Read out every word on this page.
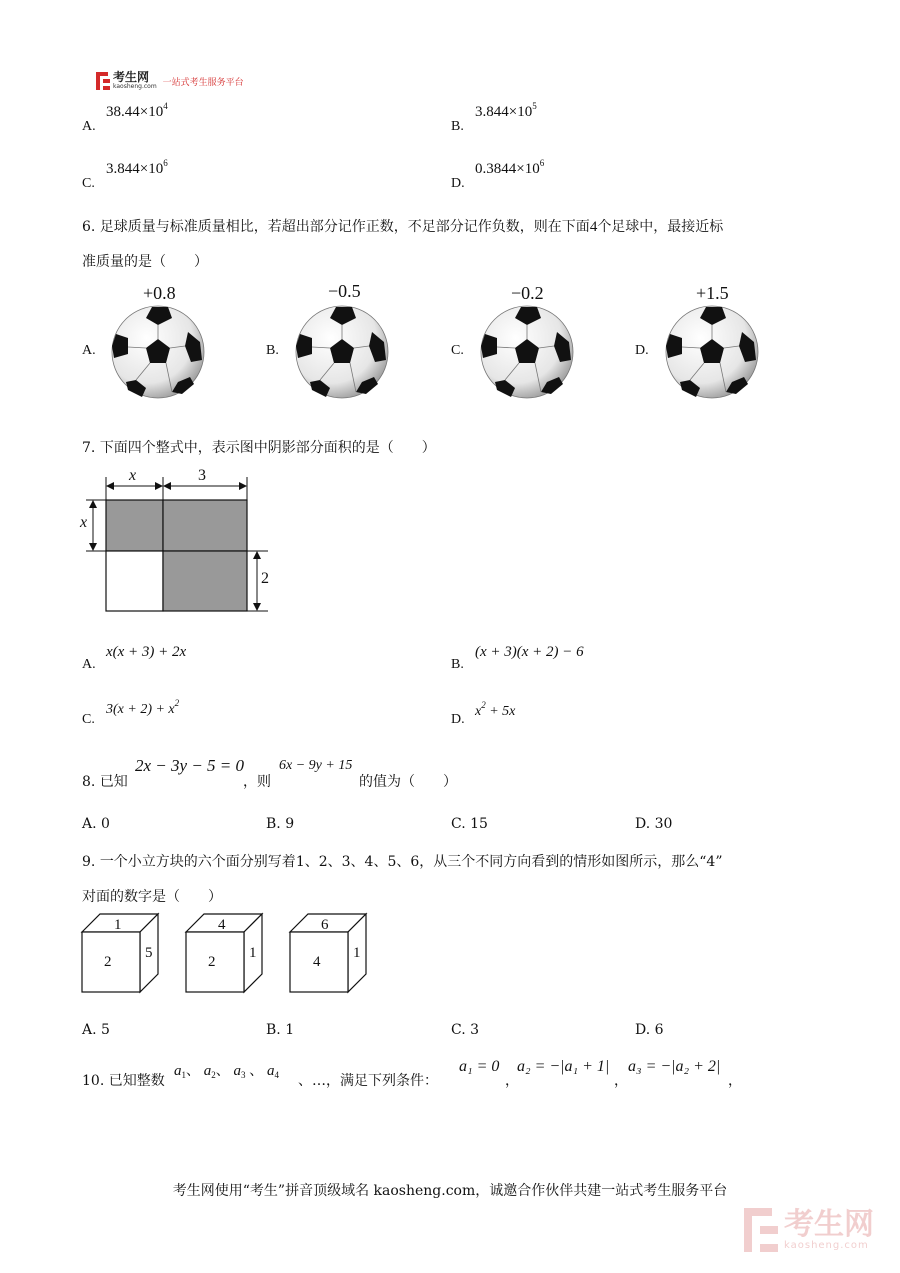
考生网
kaosheng.com 一站式考生服务平台
A.
$38.44\times 10^4$
B.
$3.844\times 10^5$
C.
$3.844\times 10^6$
D.
$0.3844\times 10^6$
6. 足球质量与标准质量相比，若超出部分记作正数，不足部分记作负数，则在下面4个足球中，最接近标
准质量的是（　　）
+0.8	−0.5	−0.2	+1.5
A.	B.	C.	D.
7. 下面四个整式中，表示图中阴影部分面积的是（　　）
x	3
x
2
A.
x(x + 3) + 2x
B.
(x + 3)(x + 2) − 6
C.
$3(x + 2) + x^2$
D.
$x^2 + 5x$
8. 已知
2x − 3y − 5 = 0
，则
6x − 9y + 15
的值为（　　）
A. 0	B. 9	C. 15	D. 30
9. 一个小立方块的六个面分别写着1、2、3、4、5、6，从三个不同方向看到的情形如图所示，那么“4”
对面的数字是（　　）
1
2
5
4
2
1
6
4
1
A. 5	B. 1	C. 3	D. 6
10. 已知整数
$a_1$、 $a_2$、 $a_3$ 、 $a_4$ 、…，满足下列条件：
a₁ = 0
，
a₂ = −|a₁ + 1|
，
a₃ = −|a₂ + 2|
，
考生网使用“考生”拼音顶级域名 kaosheng.com，诚邀合作伙伴共建一站式考生服务平台
考生网
kaosheng.com
